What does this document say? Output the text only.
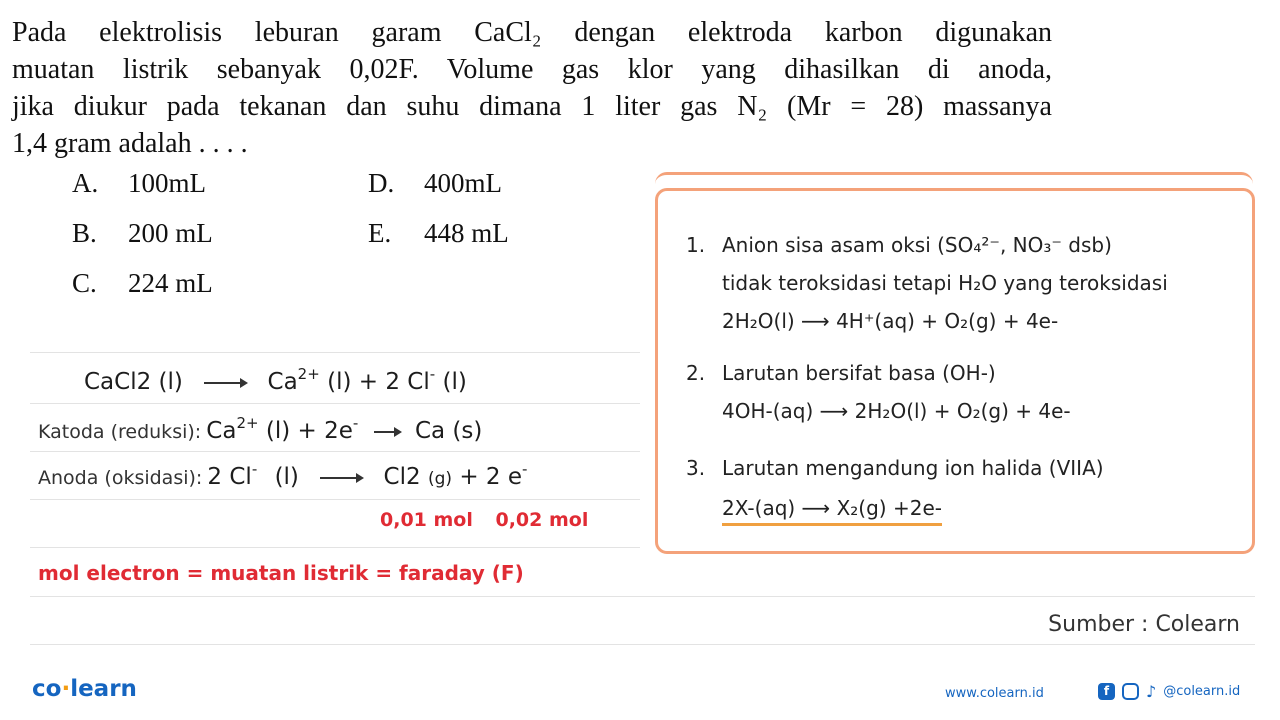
Pada elektrolisis leburan garam CaCl₂ dengan elektroda karbon digunakan
muatan listrik sebanyak 0,02F. Volume gas klor yang dihasilkan di anoda,
jika diukur pada tekanan dan suhu dimana 1 liter gas N₂ (Mr = 28) massanya
1,4 gram adalah . . . .
A. 100mL
B. 200 mL
C. 224 mL
D. 400mL
E. 448 mL
CaCl2 (l)	$Ca^{2+}$ (l) + 2 Cl- (l)
Katoda (reduksi): $Ca^{2+}$ (l) + 2e- Ca (s)
Anoda (oksidasi): 2 Cl- (l)	Cl2 (g) + 2 e-
0,01 mol 0,02 mol
mol electron = muatan listrik = faraday (F)
1. Anion sisa asam oksi (SO₄²⁻, NO₃⁻ dsb)
tidak teroksidasi tetapi H₂O yang teroksidasi
2H₂O(l) ⟶ 4H⁺(aq) + O₂(g) + 4e-
2. Larutan bersifat basa (OH-)
4OH-(aq) ⟶ 2H₂O(l) + O₂(g) + 4e-
3. Larutan mengandung ion halida (VIIA)
2X-(aq) ⟶ X₂(g) +2e-
Sumber : Colearn
co·learn	www.colearn.id	f	♪ @colearn.id
